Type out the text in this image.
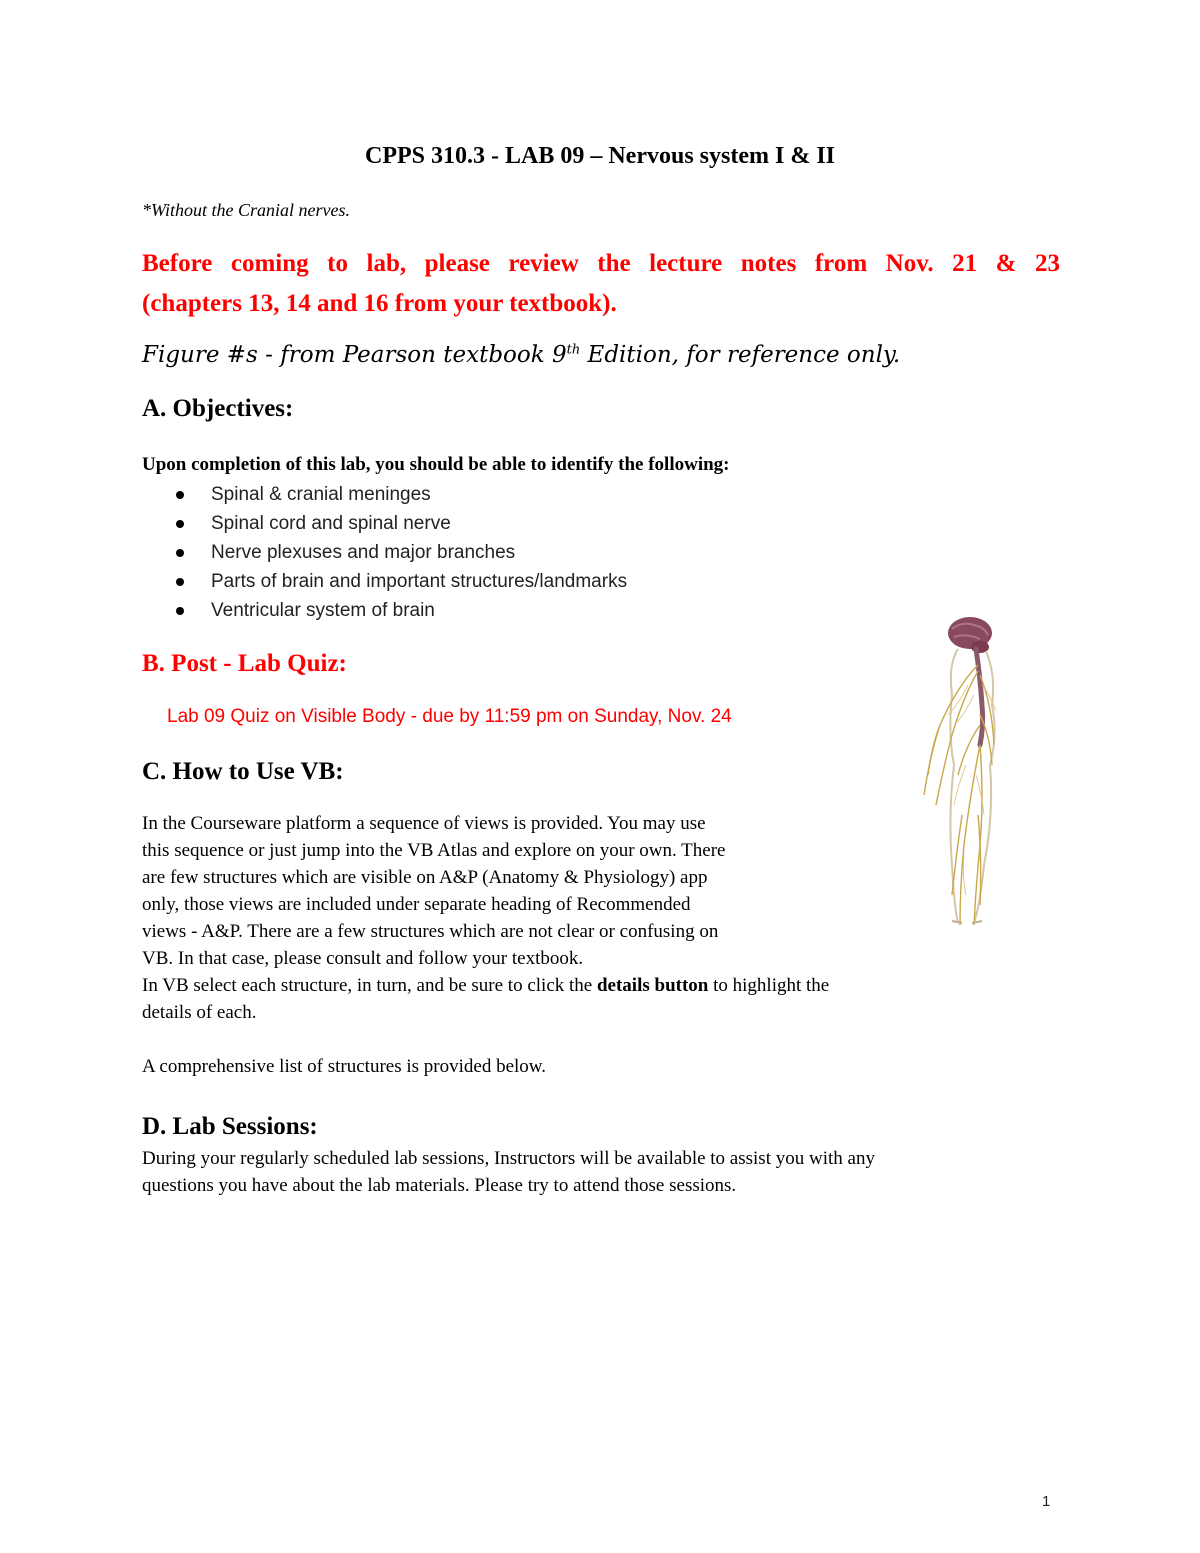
CPPS 310.3 - LAB 09 – Nervous system I & II
*Without the Cranial nerves.
Before coming to lab, please review the lecture notes from Nov. 21 & 23
(chapters 13, 14 and 16 from your textbook).
Figure #s - from Pearson textbook 9th Edition, for reference only.
A. Objectives:
Upon completion of this lab, you should be able to identify the following:
Spinal & cranial meninges
Spinal cord and spinal nerve
Nerve plexuses and major branches
Parts of brain and important structures/landmarks
Ventricular system of brain
B. Post - Lab Quiz:
Lab 09 Quiz on Visible Body - due by 11:59 pm on Sunday, Nov. 24
C. How to Use VB:
In the Courseware platform a sequence of views is provided. You may use
this sequence or just jump into the VB Atlas and explore on your own. There
are few structures which are visible on A&P (Anatomy & Physiology) app
only, those views are included under separate heading of Recommended
views - A&P. There are a few structures which are not clear or confusing on
VB. In that case, please consult and follow your textbook.
In VB select each structure, in turn, and be sure to click the details button to highlight the
details of each.
A comprehensive list of structures is provided below.
D. Lab Sessions:
During your regularly scheduled lab sessions, Instructors will be available to assist you with any
questions you have about the lab materials. Please try to attend those sessions.
1
